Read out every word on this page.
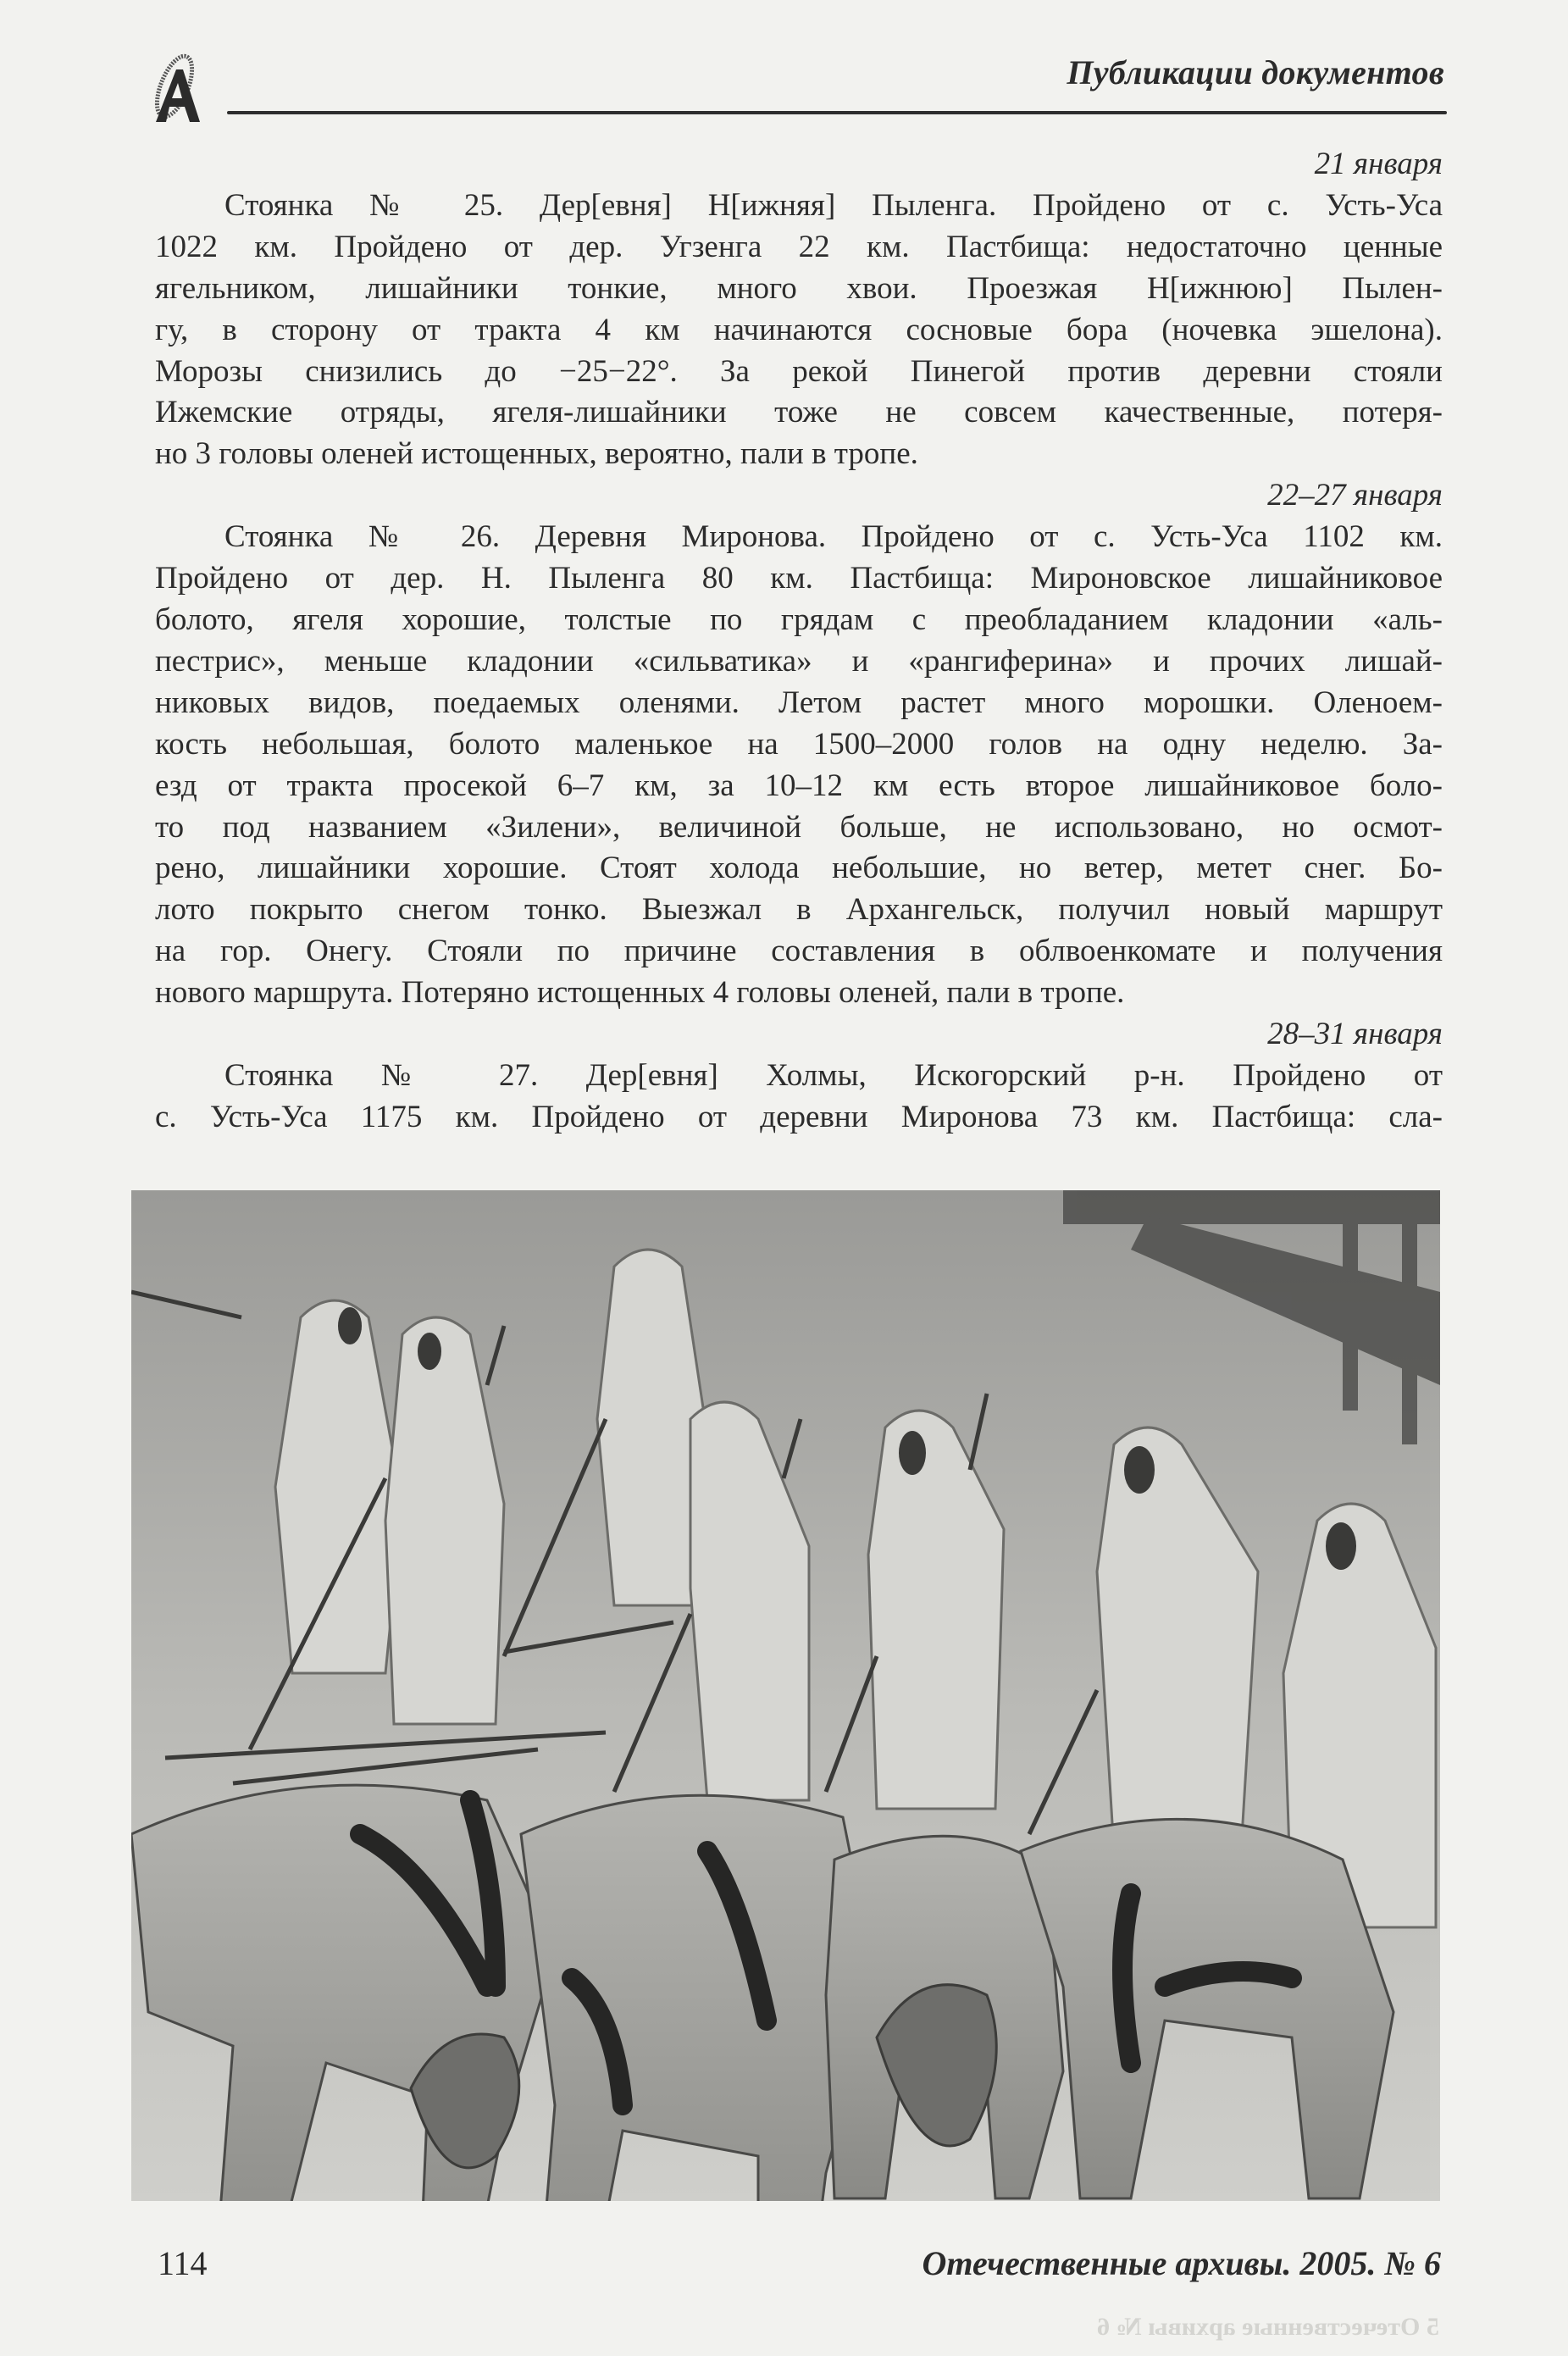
Публикации документов
21 января

Стоянка № 25. Дер[евня] Н[ижняя] Пыленга. Пройдено от с. Усть-Уса
1022 км. Пройдено от дер. Угзенга 22 км. Пастбища: недостаточно ценные
ягельником, лишайники тонкие, много хвои. Проезжая Н[ижнюю] Пылен-
гу, в сторону от тракта 4 км начинаются сосновые бора (ночевка эшелона).
Морозы снизились до −25−22°. За рекой Пинегой против деревни стояли
Ижемские отряды, ягеля-лишайники тоже не совсем качественные, потеря-
но 3 головы оленей истощенных, вероятно, пали в тропе.

22–27 января

Стоянка № 26. Деревня Миронова. Пройдено от с. Усть-Уса 1102 км.
Пройдено от дер. Н. Пыленга 80 км. Пастбища: Мироновское лишайниковое
болото, ягеля хорошие, толстые по грядам с преобладанием кладонии «аль-
пестрис», меньше кладонии «сильватика» и «рангиферина» и прочих лишай-
никовых видов, поедаемых оленями. Летом растет много морошки. Оленоем-
кость небольшая, болото маленькое на 1500–2000 голов на одну неделю. За-
езд от тракта просекой 6–7 км, за 10–12 км есть второе лишайниковое боло-
то под названием «Зилени», величиной больше, не использовано, но осмот-
рено, лишайники хорошие. Стоят холода небольшие, но ветер, метет снег. Бо-
лото покрыто снегом тонко. Выезжал в Архангельск, получил новый маршрут
на гор. Онегу. Стояли по причине составления в облвоенкомате и получения
нового маршрута. Потеряно истощенных 4 головы оленей, пали в тропе.

28–31 января

Стоянка № 27. Дер[евня] Холмы, Искогорский р-н. Пройдено от
с. Усть-Уса 1175 км. Пройдено от деревни Миронова 73 км. Пастбища: сла-

114	Отечественные архивы. 2005. № 6
5 Отечественные архивы № 6
